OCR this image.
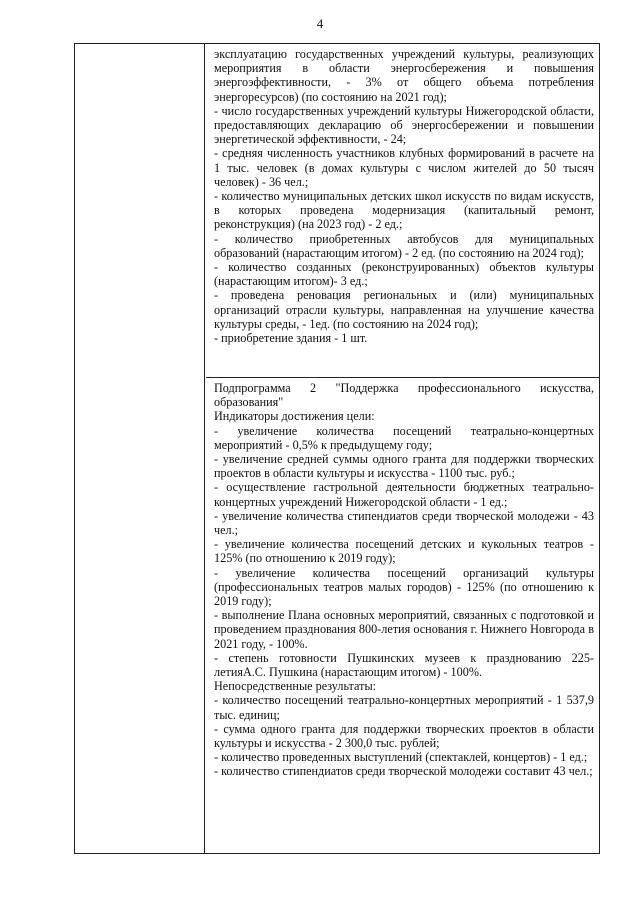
4

эксплуатацию государственных учреждений культуры, реализующих мероприятия в области энергосбережения и повышения энергоэффективности, - 3% от общего объема потребления энергоресурсов) (по состоянию на 2021 год);

- число государственных учреждений культуры Нижегородской области, предоставляющих декларацию об энергосбережении и повышении энергетической эффективности, - 24;

- средняя численность участников клубных формирований в расчете на 1 тыс. человек (в домах культуры с числом жителей до 50 тысяч человек) - 36 чел.;

- количество муниципальных детских школ искусств по видам искусств, в которых проведена модернизация (капитальный ремонт, реконструкция) (на 2023 год) - 2 ед.;

- количество приобретенных автобусов для муниципальных образований (нарастающим итогом) - 2 ед. (по состоянию на 2024 год);

- количество созданных (реконструированных) объектов культуры (нарастающим итогом)- 3 ед.;

- проведена реновация региональных и (или) муниципальных организаций отрасли культуры, направленная на улучшение качества культуры среды, - 1ед. (по состоянию на 2024 год);

- приобретение здания - 1 шт.

Подпрограмма 2 "Поддержка профессионального искусства, образования"

Индикаторы достижения цели:

- увеличение количества посещений театрально-концертных мероприятий - 0,5% к предыдущему году;

- увеличение средней суммы одного гранта для поддержки творческих проектов в области культуры и искусства - 1100 тыс. руб.;

- осуществление гастрольной деятельности бюджетных театрально-концертных учреждений Нижегородской области - 1 ед.;

- увеличение количества стипендиатов среди творческой молодежи - 43 чел.;

- увеличение количества посещений детских и кукольных театров - 125% (по отношению к 2019 году);

- увеличение количества посещений организаций культуры (профессиональных театров малых городов) - 125% (по отношению к 2019 году);

- выполнение Плана основных мероприятий, связанных с подготовкой и проведением празднования 800-летия основания г. Нижнего Новгорода в 2021 году, - 100%.

- степень готовности Пушкинских музеев к празднованию 225-летияА.С. Пушкина (нарастающим итогом) - 100%.

Непосредственные результаты:

- количество посещений театрально-концертных мероприятий - 1 537,9 тыс. единиц;

- сумма одного гранта для поддержки творческих проектов в области культуры и искусства - 2 300,0 тыс. рублей;

- количество проведенных выступлений (спектаклей, концертов) - 1 ед.;

- количество стипендиатов среди творческой молодежи составит 43 чел.;
